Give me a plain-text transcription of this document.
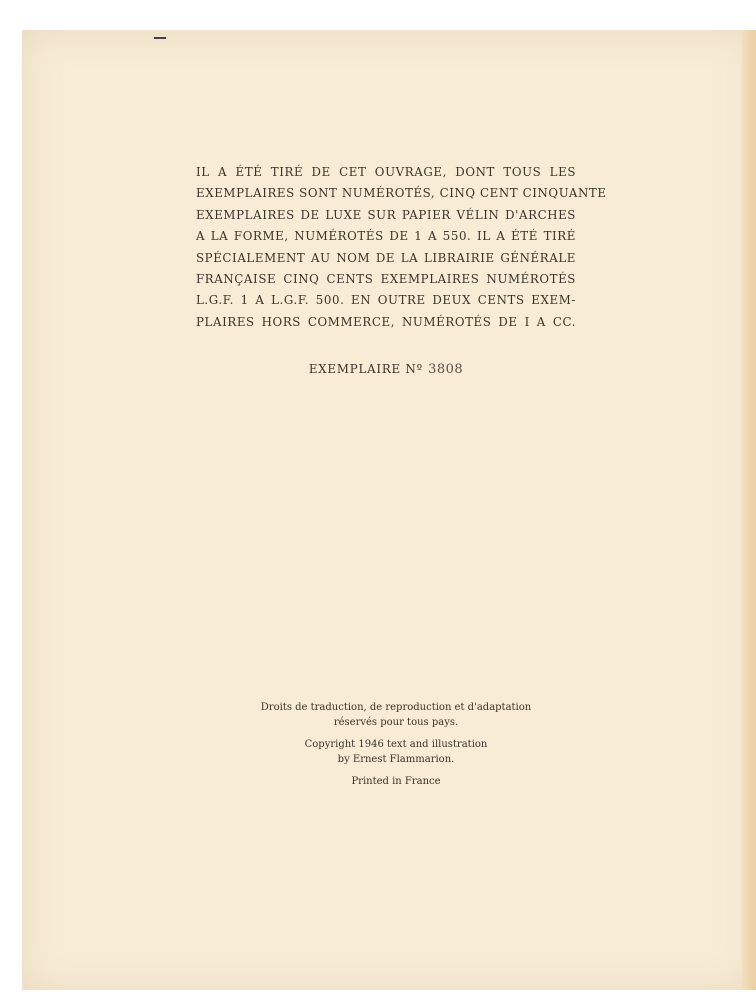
IL A ÉTÉ TIRÉ DE CET OUVRAGE, DONT TOUS LES
EXEMPLAIRES SONT NUMÉROTÉS, CINQ CENT CINQUANTE
EXEMPLAIRES DE LUXE SUR PAPIER VÉLIN D'ARCHES
A LA FORME, NUMÉROTÉS DE 1 A 550. IL A ÉTÉ TIRÉ
SPÉCIALEMENT AU NOM DE LA LIBRAIRIE GÉNÉRALE
FRANÇAISE CINQ CENTS EXEMPLAIRES NUMÉROTÉS
L.G.F. 1 A L.G.F. 500. EN OUTRE DEUX CENTS EXEM-
PLAIRES HORS COMMERCE, NUMÉROTÉS DE I A CC.
EXEMPLAIRE Nº 3808
Droits de traduction, de reproduction et d'adaptation
réservés pour tous pays.
Copyright 1946 text and illustration
by Ernest Flammarion.
Printed in France
